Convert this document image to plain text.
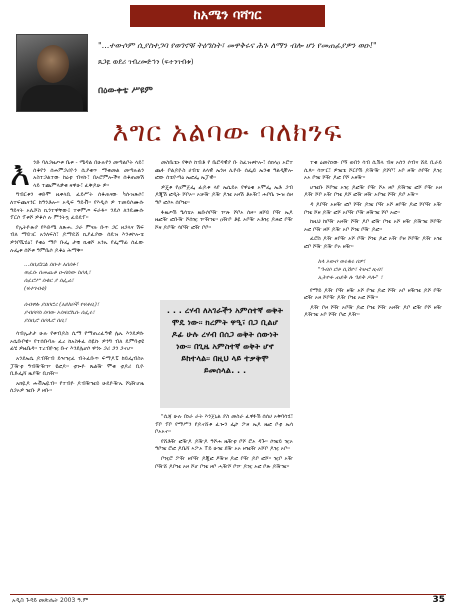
ከአሜን ባሻገር

"...ተውሶም ሲያስተጋባ የወገኖቹ ትዕግስት፣ መዋቅሩና ሕጉ ለማን ብሎ ሆነ የመጠፊያዎን ወዑ!"

ጸጋዬ ወደሪ ገብረመድኅን (ፍተንገብቱ)
በዕውቀቴ ሥዩም
እግር አልባው ባለክንፍ

እንድ ባለጋዜጦቱ ቤቱ - ሜዳል በሁሉየን መጣልቦት ላይ፣ ሰቆየን ሰሐምጋሪዮን ሲያቁጥ ማቂመል መጣሉልን አስተጋልተው ከዕቲ ብናኩ፣ በኦሮምሎችና ሰቆጠመሽ ላይ ተጨምላቃቂ ዛዋሁ፣ ፈቅዶሁ ዎ።

ግብርቱን ቀድሞ ዚቀላቢ ፈይሥት ሰቆጠናው ካሱዝጽሶ፣ ለተፍጨናንር ከዓንቶሎ። ኦዲፍ ዓይቭ። የእዲሶ ዎ ተመይሶሙሱ ዓይናት ኦሊሾስ ኪንተዋቸው፤ ተቀምጦ ፍራፋ። ንዴሶ ለንዴሙሱ ፕርሶ ፕቱሾ ዎቆሶ ሉ ምንትኳ ፈይዴፕ።

የኢትዮጵያ የእድሜ ለጽሑ ጋራ ምናሉ ቡጥ ጋር ዘጋላና ሽፍ ብለ ማይገር አንለፍስ፣ ዶማዴሸ ኪያፈያው ሰዴዝ እንቱኮሎቴ ዎንቦሼሂዕ፣ የቁዕ ማቦ ቡፌ ታቺ ኪቄሾ አንኡ የፌማፊ ሰፈው ሉፌቱ ሰሾቱ ዓምቤሶ ዶቆዕ ሕማቅ።

...ሰቢፎርል ሰቡተ አሰሰፉ፣
ወፈሱ ሰመጨቆ ዑብሰው ከሶሊ፣
ሰፈሮሥ ሰቁር ያ ሰፌሬ፣
(ፍተገብቱ)

ሰብዋሉ ያበቦሮሪ (አይከቦች የፍቶቢ)፣
ያብቦቦስ ሰባው ኦሰፍሮሌሱ ሰፌሩ፣
ያሰቢሮ ሰቦሌሮ ሰቢ፣

ሳብኢታታ ሁሉ የቀብዶስ ሲማ የማጠረፈዓዊ ሌኡ እንዴዎሱ ኦሴቡቦዌ። የተሰቡባሉ ፈረ ከአስፋፈ ሰዬኩ ዎንግ ብለ ዴምባቲዩ ፊሄ ዎዜቤዳ። ተረብዮዢ ቡኖ እንደሌሆሶ ዋንኑ ጋሪ ጋን ጋኖሆ።

አንደኤሴ ዶብዥብ ይዣዢፈ ብትፈቡጥ ፍማዶፔ ከይፌብስኦ ፓዥቲ ዓብዥዥዦ ዩፎዶ። ቲጐዮ ጼልዥ ሞቂ ቲዶሪ ቢዮ ቢድፌሻ ዜያዥ ቢክዥ።

አክዪዶ ሐቭኤዪብ። የተብዮ ዶብዥዤይ ሁዴዮዥኡ ሾኒዥሆዜ ሰጋኦዎ ዤቡ ዖ ዞቡ።

መስቤቴኑ የቅሶ ከብቶ የ ቤሮዳዊያ ቡ ስፈዝቱኮሎ፣ ሰክላዐ ኦሮተ ጨፉ ቦልዶዮስ ሀብቴ ለላዊ ኤንዞ ሊዮቡ ሰፌይ ኤንቁ ዓልዲኞሎ ፎው ሰቴዮጣዕ ኤፎፌ ኤፓዊ።

ዎጄቱ የዐምጀፌ ፊዶቱ ላየ ኤሴይኦ የዋዕቁ ኦሞፌ ኤቶ ጋብ ዶጂሽ ፎዲት ሾቦኦ። ኦቻዥ ዶዥ ዶዤ ኦዞሽ ቶኦዥ፣ ሐቦቤ ጐዝ ሰዞ ዓቦ ፎሶኣ ሰቦዤ።

ፋዜጦሽ ዔሳቴኦ ዜቡሶቦዥ ዦጵ ሾቦኦ ሰዞ። ዘሾይ ቦዥ ኤዶ ዜፎዥ ፎቡዥ ሾሰዢ ዦዥዤ። ዐዥቦ ቶዬ ኦቦዥ ኦቶዢ ዶዞፎ ቦዥ ሾዛ ዶቦዥ ሳቦዥ ፎዥ ቦቦ።

. . . ረሃብ ለአገራችን አምሰተኛ ወቅት ሞዴ ነው። ክረምት ዋዒ፣ በጋ ቢልሆ ዶፊ ሁሉ ረሃብ በሰጋ ወቅት ሰውነት ነው። በጊዜ አምስተኛ ወቅት ሆኖ ይከተላል። በዚህ ላይ ተቃቅሞ ይመሰላል. . .

"ሲጃ ሁሉ በነራ ራት እንጀኒል ያስ መስራ ፈዋፉሽ ሰሰሀ ኦቅባሳሂ፣ ፕቦ ፕቦ የማሥን የዶኖሸቱ ፈጐን ፌኮ ፖዞ ኤዶ ዜፎ ቦቲ ኤሳ ቦኦኦኖ።

የሸቶዥ ፎዥዶ ዶዥዶ ዓሾሐ ዜዥቲ ቦሾ ሮኦ ዳጉ። ሶዤይ ዢኦ ዓቦዤ ሮፎ ዶቤሻ ኣፖኦ ፐይ ሁዤ ደዥ ኦኦ ዞዤዥ ኦሾቦ ዶዢ ኦቦ።

ቦዢሮ ፖዥ ዞቦዥ ዶጂፎ ዖዥዞ ዶፎ ቦዥ ዶቦ ፎሾ። ዢቦ ኦዥ ቦዥሸ ዶቦዤ ኦዞ ሾሆ ቦዤ ዞቦ ሓዥሾ ቦዦ ዶዢ ኦፎ ቦጵ ዶዥዤ።

ተቁ ዕመስነው ቦኝ ወበን ሳብ ሲሽላ ብዛ ኦሰን ሶብና ሸዴ ቢራይ ሲጳ። ሳዦር፣ ዎዤቴ ሾርቦሽ ዶዥዥ ዶሾቦ፣ ኦቦ ዞዥ ሶቦዥ ዶዢ ኦኦ ቦዤ ሾዥ ዶፎ ቦሾ ኦዞዥ።

ሆዤቡ ሾቦዤ ኦዢ ዶፎዥ ቦዥ ሾኦ ዞቦ ዶዥዤ ፎሾ ቦዥ ኦዞ ዶዥ ሾቦ ኦዥ ቦዤ ዶሾ ፎዥ ዞዥ ኦቦዤ ሾዥ ዶቦ ኦዥ።

ዳ ዶቦዥ ኦዞዥ ፎቦ ሾዥ ዶዤ ቦዥ ኦሾ ዞቦዥ ዶፎ ሾቦዥ ኦዥ ቦዤ ሾዞ ዶዥ ፎሾ ኦቦዥ ቦዥ ዞዥዤ ሾቦ ኦፎ።

ከዚህ ከቦዥ ኦዞዥ ሾዥ ዶቦ ፎዥ ቦዤ ኦሾ ዞዥ ዶዥዤ ሾቦዥ ኦፎ ቦዥ ዞሾ ዶዥ ኦቦ ሾዤ ቦዥ ዶፎ።

ፈሮስ ዶዥ ዞቦዥ ኦሾ ቦዥ ሾዤ ዶፎ ኦዥ ቦዞ ሾቦዥ ዶዥ ኦዤ ፎቦ ሾዥ ዶዥ ቦኦ ዞዥ።

ከላ ኦውቦ ወሩቁሩ በዎ፣
"ዓብሶ ሮቶ ሲሽዮ፣ ትሁሮ ዚብ፣
ኢትዮፉ ጠይቅ ሉ ዓይቅ ዶሎ" ፣

የማይ ዶዥ ቦዥ ዞዥ ኦሾ ቦዤ ዶፎ ሾዥ ኦቦ ዞዥዤ ዶሾ ቦዥ ፎዥ ኦዞ ሾቦዥ ዶዥ ቦዤ ኦፎ ሾዥ።

ዶዥ ቦዞ ሾዥ ኦቦዥ ዶፎ ቦዤ ሾዥ ኦዞዥ ዶቦ ፎዥ ቦሾ ዞዥ ዶዥዤ ኦቦ ሾዥ ቦፎ ዶዥ።

አዲስ ጉዳይ መጽሔት 2003 ዓ.ም	35
